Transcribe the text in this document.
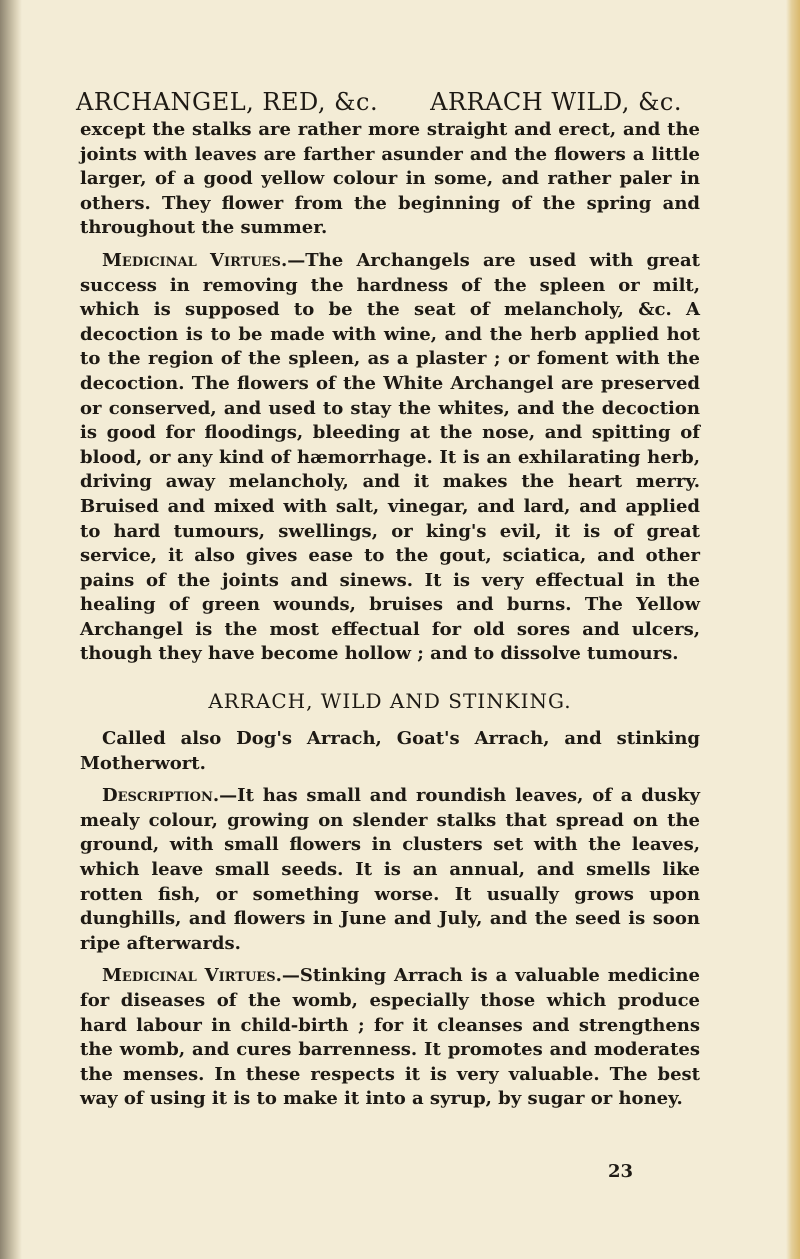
ARCHANGEL, RED, &c. ARRACH WILD, &c.

except the stalks are rather more straight and erect, and the joints with leaves are farther asunder and the flowers a little larger, of a good yellow colour in some, and rather paler in others. They flower from the beginning of the spring and throughout the summer.

Medicinal Virtues.—The Archangels are used with great success in removing the hardness of the spleen or milt, which is supposed to be the seat of melancholy, &c. A decoction is to be made with wine, and the herb applied hot to the region of the spleen, as a plaster ; or foment with the decoction. The flowers of the White Archangel are preserved or conserved, and used to stay the whites, and the decoction is good for floodings, bleeding at the nose, and spitting of blood, or any kind of hæmorrhage. It is an exhilarating herb, driving away melancholy, and it makes the heart merry. Bruised and mixed with salt, vinegar, and lard, and applied to hard tumours, swellings, or king's evil, it is of great service, it also gives ease to the gout, sciatica, and other pains of the joints and sinews. It is very effectual in the healing of green wounds, bruises and burns. The Yellow Archangel is the most effectual for old sores and ulcers, though they have become hollow ; and to dissolve tumours.

ARRACH, WILD AND STINKING.

Called also Dog's Arrach, Goat's Arrach, and stinking Motherwort.

Description.—It has small and roundish leaves, of a dusky mealy colour, growing on slender stalks that spread on the ground, with small flowers in clusters set with the leaves, which leave small seeds. It is an annual, and smells like rotten fish, or something worse. It usually grows upon dunghills, and flowers in June and July, and the seed is soon ripe afterwards.

Medicinal Virtues.—Stinking Arrach is a valuable medicine for diseases of the womb, especially those which produce hard labour in child-birth ; for it cleanses and strengthens the womb, and cures barrenness. It promotes and moderates the menses. In these respects it is very valuable. The best way of using it is to make it into a syrup, by sugar or honey.

23
